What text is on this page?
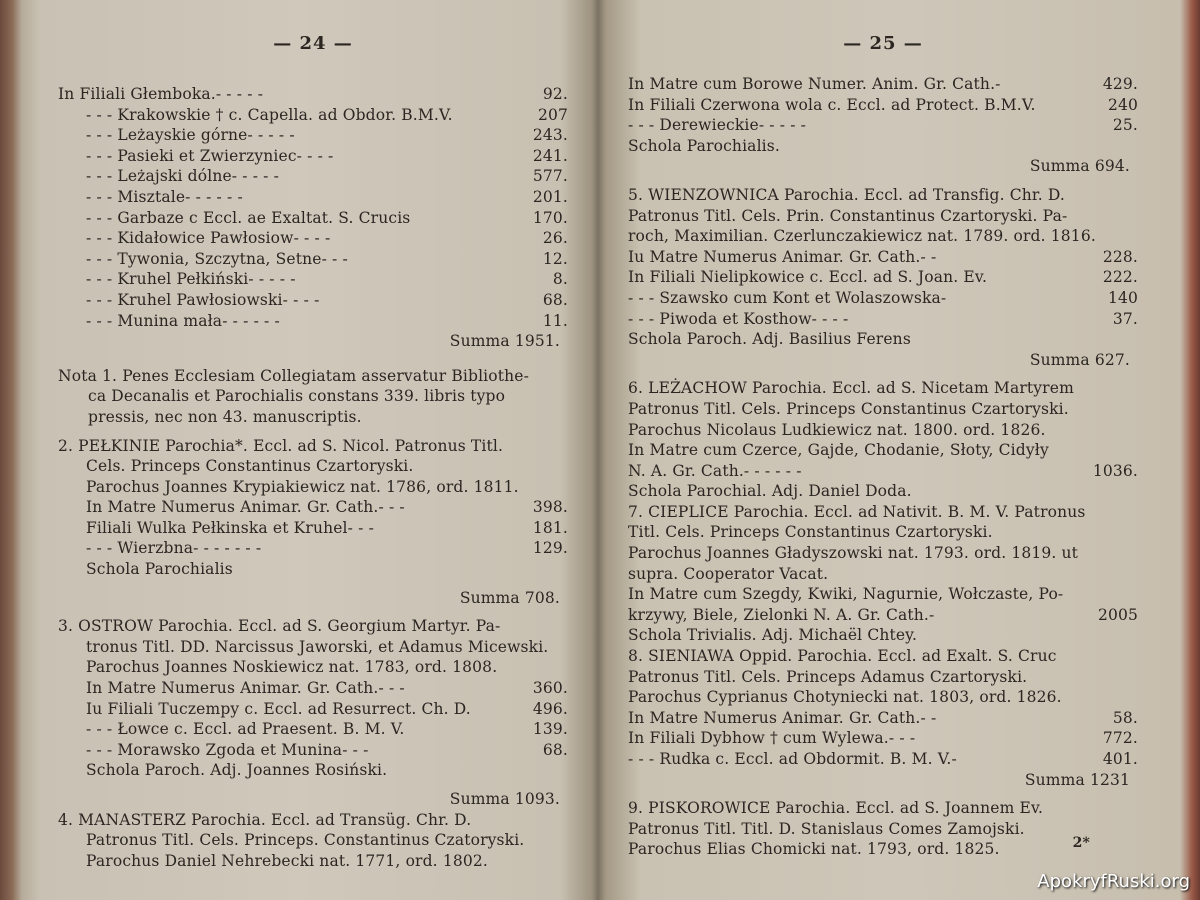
— 24 —
In Filiali Głemboka. - - - - -	92.
- - - Krakowskie † c. Capella. ad Obdor. B.M.V.	207
- - - Leżayskie górne - - - - -	243.
- - - Pasieki et Zwierzyniec - - - -	241.
- - - Leżajski dólne - - - - -	577.
- - - Misztale - - - - - -	201.
- - - Garbaze c Eccl. ae Exaltat. S. Crucis	170.
- - - Kidałowice Pawłosiow - - - -	26.
- - - Tywonia, Szczytna, Setne - - -	12.
- - - Kruhel Pełkiński - - - - -	8.
- - - Kruhel Pawłosiowski - - - -	68.
- - - Munina mała - - - - - -	11.
Summa 1951.
Nota 1. Penes Ecclesiam Collegiatam asservatur Bibliothe-
ca Decanalis et Parochialis constans 339. libris typo
pressis, nec non 43. manuscriptis.
2. PEŁKINIE Parochia*. Eccl. ad S. Nicol. Patronus Titl.
Cels. Princeps Constantinus Czartoryski.
Parochus Joannes Krypiakiewicz nat. 1786, ord. 1811.
In Matre Numerus Animar. Gr. Cath. - - -	398.
Filiali Wulka Pełkinska et Kruhel - - -	181.
- - - Wierzbna - - - - - - -	129.
Schola Parochialis
Summa 708.
3. OSTROW Parochia. Eccl. ad S. Georgium Martyr. Pa-
tronus Titl. DD. Narcissus Jaworski, et Adamus Micewski.
Parochus Joannes Noskiewicz nat. 1783, ord. 1808.
In Matre Numerus Animar. Gr. Cath. - - -	360.
Iu Filiali Tuczempy c. Eccl. ad Resurrect. Ch. D.	496.
- - - Łowce c. Eccl. ad Praesent. B. M. V.	139.
- - - Morawsko Zgoda et Munina - - -	68.
Schola Paroch. Adj. Joannes Rosiński.
Summa 1093.
4. MANASTERZ Parochia. Eccl. ad Transüg. Chr. D.
Patronus Titl. Cels. Princeps. Constantinus Czatoryski.
Parochus Daniel Nehrebecki nat. 1771, ord. 1802.
— 25 —
In Matre cum Borowe Numer. Anim. Gr. Cath. -	429.
In Filiali Czerwona wola c. Eccl. ad Protect. B.M.V.	240
- - - Derewieckie - - - - -	25.
Schola Parochialis.
Summa 694.
5. WIENZOWNICA Parochia. Eccl. ad Transfig. Chr. D.
Patronus Titl. Cels. Prin. Constantinus Czartoryski. Pa-
roch, Maximilian. Czerlunczakiewicz nat. 1789. ord. 1816.
Iu Matre Numerus Animar. Gr. Cath. - -	228.
In Filiali Nielipkowice c. Eccl. ad S. Joan. Ev.	222.
- - - Szawsko cum Kont et Wolaszowska -	140
- - - Piwoda et Kosthow - - - -	37.
Schola Paroch. Adj. Basilius Ferens
Summa 627.
6. LEŻACHOW Parochia. Eccl. ad S. Nicetam Martyrem
Patronus Titl. Cels. Princeps Constantinus Czartoryski.
Parochus Nicolaus Ludkiewicz nat. 1800. ord. 1826.
In Matre cum Czerce, Gajde, Chodanie, Słoty, Cidyły
N. A. Gr. Cath. - - - - - -	1036.
Schola Parochial. Adj. Daniel Doda.
7. CIEPLICE Parochia. Eccl. ad Nativit. B. M. V. Patronus
Titl. Cels. Princeps Constantinus Czartoryski.
Parochus Joannes Gładyszowski nat. 1793. ord. 1819. ut
supra. Cooperator Vacat.
In Matre cum Szegdy, Kwiki, Nagurnie, Wołczaste, Po-
krzywy, Biele, Zielonki N. A. Gr. Cath. -	2005
Schola Trivialis. Adj. Michaël Chtey.
8. SIENIAWA Oppid. Parochia. Eccl. ad Exalt. S. Cruc
Patronus Titl. Cels. Princeps Adamus Czartoryski.
Parochus Cyprianus Chotyniecki nat. 1803, ord. 1826.
In Matre Numerus Animar. Gr. Cath. - -	58.
In Filiali Dybhow † cum Wylewa. - - -	772.
- - - Rudka c. Eccl. ad Obdormit. B. M. V. -	401.
Summa 1231
9. PISKOROWICE Parochia. Eccl. ad S. Joannem Ev.
Patronus Titl. Titl. D. Stanislaus Comes Zamojski.
Parochus Elias Chomicki nat. 1793, ord. 1825.	2*
ApokryfRuski.org
